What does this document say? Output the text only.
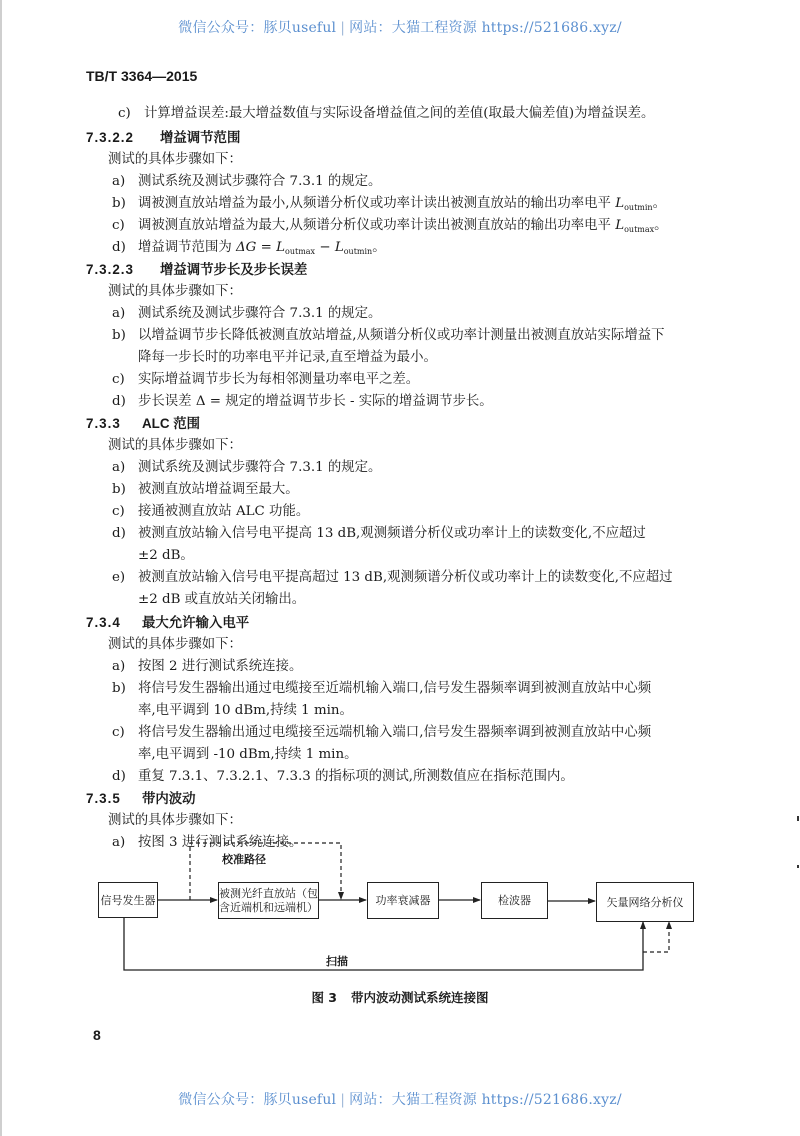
微信公众号：豚贝useful | 网站：大猫工程资源 https://521686.xyz/
TB/T 3364—2015
c) 计算增益误差:最大增益数值与实际设备增益值之间的差值(取最大偏差值)为增益误差。
7.3.2.2 增益调节范围
测试的具体步骤如下：
a) 测试系统及测试步骤符合 7.3.1 的规定。
b) 调被测直放站增益为最小,从频谱分析仪或功率计读出被测直放站的输出功率电平 $L_{outmin}$。
c) 调被测直放站增益为最大,从频谱分析仪或功率计读出被测直放站的输出功率电平 $L_{outmax}$。
d) 增益调节范围为 $\Delta G = L_{outmax} - L_{outmin}$。
7.3.2.3 增益调节步长及步长误差
测试的具体步骤如下：
a) 测试系统及测试步骤符合 7.3.1 的规定。
b) 以增益调节步长降低被测直放站增益,从频谱分析仪或功率计测量出被测直放站实际增益下
降每一步长时的功率电平并记录,直至增益为最小。
c) 实际增益调节步长为每相邻测量功率电平之差。
d) 步长误差 Δ = 规定的增益调节步长 - 实际的增益调节步长。
7.3.3 ALC 范围
测试的具体步骤如下：
a) 测试系统及测试步骤符合 7.3.1 的规定。
b) 被测直放站增益调至最大。
c) 接通被测直放站 ALC 功能。
d) 被测直放站输入信号电平提高 13 dB,观测频谱分析仪或功率计上的读数变化,不应超过
±2 dB。
e) 被测直放站输入信号电平提高超过 13 dB,观测频谱分析仪或功率计上的读数变化,不应超过
±2 dB 或直放站关闭输出。
7.3.4 最大允许输入电平
测试的具体步骤如下：
a) 按图 2 进行测试系统连接。
b) 将信号发生器输出通过电缆接至近端机输入端口,信号发生器频率调到被测直放站中心频
率,电平调到 10 dBm,持续 1 min。
c) 将信号发生器输出通过电缆接至远端机输入端口,信号发生器频率调到被测直放站中心频
率,电平调到 -10 dBm,持续 1 min。
d) 重复 7.3.1、7.3.2.1、7.3.3 的指标项的测试,所测数值应在指标范围内。
7.3.5 带内波动
测试的具体步骤如下：
a) 按图 3 进行测试系统连接。
信号发生器
被测光纤直放站（包
含近端机和远端机）	功率衰减器	检波器	矢量网络分析仪
校准路径
扫描
图 3 带内波动测试系统连接图
8
微信公众号：豚贝useful | 网站：大猫工程资源 https://521686.xyz/
